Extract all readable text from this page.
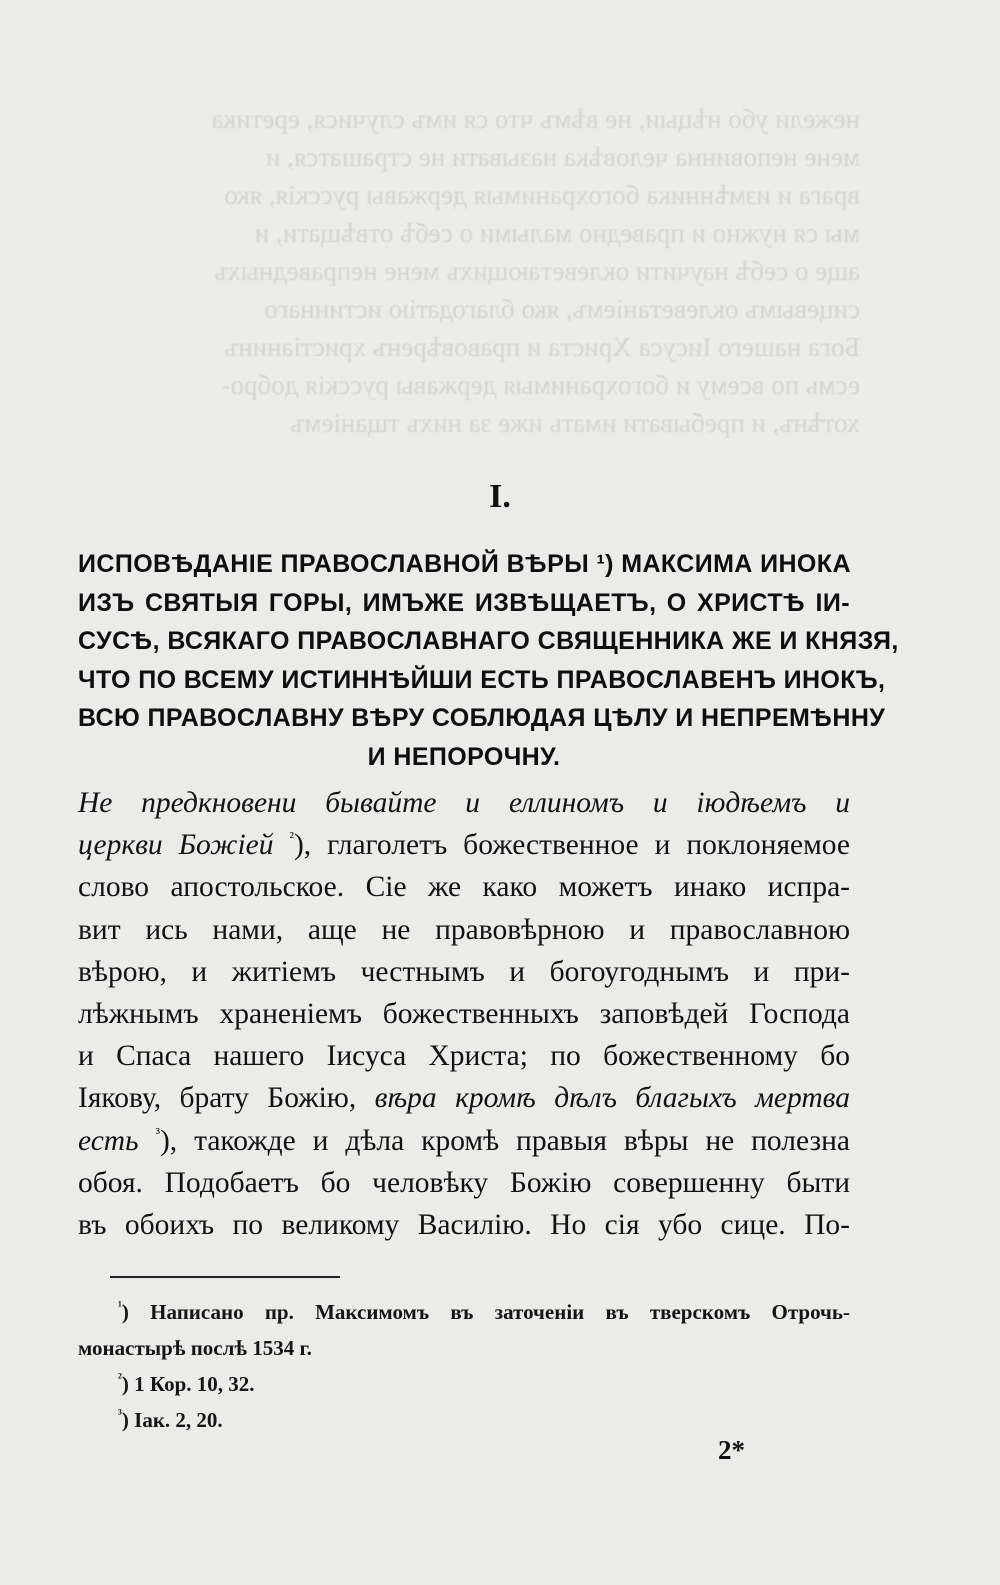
нежели убо нѣцыи, не вѣмъ что ся имъ случися, еретика
мене неповинна человѣка называти не страшатся, и
врага и измѣнника богохранимыя державы русскія, яко
мы ся нужно и праведно малыми о себѣ отвѣщати, и
аще о себѣ научити оклеветающихъ мене неправедныхъ
сицевымъ оклеветанiемъ, яко благодатію истиннаго
Бога нашего Іисуса Христа и правовѣренъ христіанинъ
есмь по всему и богохранимыя державы русскія добро-
хотѣнъ, и пребывати имать иже за нихъ тщаніемъ
I.
ИСПОВѢДАНІЕ ПРАВОСЛАВНОЙ ВѢРЫ ¹) МАКСИМА ИНОКА
ИЗЪ СВЯТЫЯ ГОРЫ, ИМЪЖЕ ИЗВѢЩАЕТЪ, О ХРИСТѢ ІИ-
СУСѢ, ВСЯКАГО ПРАВОСЛАВНАГО СВЯЩЕННИКА ЖЕ И КНЯЗЯ,
ЧТО ПО ВСЕМУ ИСТИННѢЙШИ ЕСТЬ ПРАВОСЛАВЕНЪ ИНОКЪ,
ВСЮ ПРАВОСЛАВНУ ВѢРУ СОБЛЮДАЯ ЦѢЛУ И НЕПРЕМѢННУ
И НЕПОРОЧНУ.
Не предкновени бывайте и еллиномъ и іюдѣемъ и
церкви Божіей $^{^2}$), глаголетъ божественное и поклоняемое
слово апостольское. Сіе же како можетъ инако испра-
вит ись нами, аще не правовѣрною и православною
вѣрою, и житіемъ честнымъ и богоугоднымъ и при-
лѣжнымъ храненіемъ божественныхъ заповѣдей Господа
и Спаса нашего Іисуса Христа; по божественному бо
Іякову, брату Божію, вѣра кромѣ дѣлъ благыхъ мертва
есть $^{^3}$), такожде и дѣла кромѣ правыя вѣры не полезна
обоя. Подобаетъ бо человѣку Божію совершенну быти
въ обоихъ по великому Василію. Но сія убо сице. По-
$^{^1}$) Написано пр. Максимомъ въ заточеніи въ тверскомъ Отрочь-
монастырѣ послѣ 1534 г.
$^{^2}$) 1 Кор. 10, 32.
$^{^3}$) Іак. 2, 20.
2*
